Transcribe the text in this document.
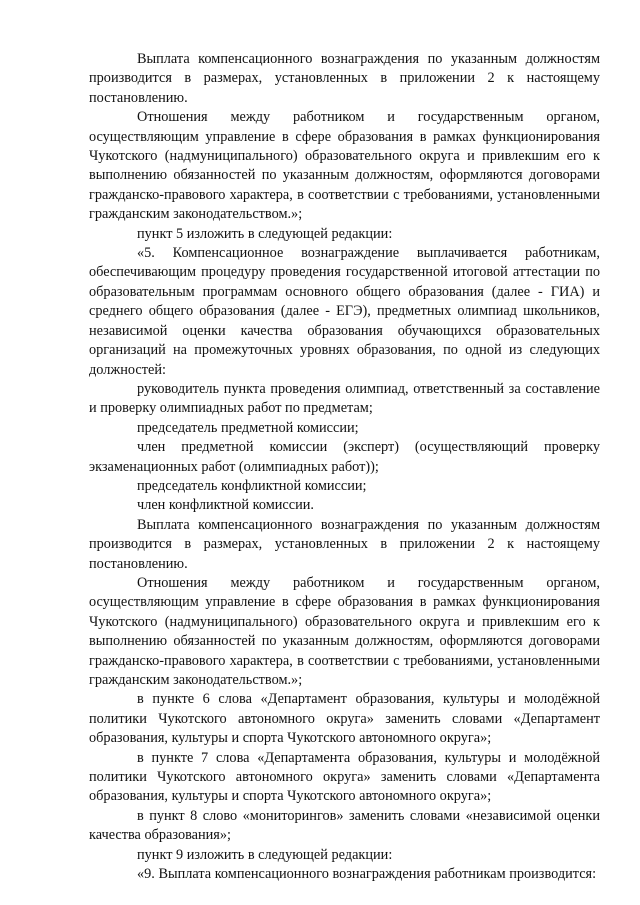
Выплата компенсационного вознаграждения по указанным должностям производится в размерах, установленных в приложении 2 к настоящему постановлению.

Отношения между работником и государственным органом, осуществляющим управление в сфере образования в рамках функционирования Чукотского (надмуниципального) образовательного округа и привлекшим его к выполнению обязанностей по указанным должностям, оформляются договорами гражданско-правового характера, в соответствии с требованиями, установленными гражданским законодательством.»;

пункт 5 изложить в следующей редакции:

«5. Компенсационное вознаграждение выплачивается работникам, обеспечивающим процедуру проведения государственной итоговой аттестации по образовательным программам основного общего образования (далее - ГИА) и среднего общего образования (далее - ЕГЭ), предметных олимпиад школьников, независимой оценки качества образования обучающихся образовательных организаций на промежуточных уровнях образования, по одной из следующих должностей:

руководитель пункта проведения олимпиад, ответственный за составление и проверку олимпиадных работ по предметам;

председатель предметной комиссии;

член предметной комиссии (эксперт) (осуществляющий проверку экзаменационных работ (олимпиадных работ));

председатель конфликтной комиссии;

член конфликтной комиссии.

Выплата компенсационного вознаграждения по указанным должностям производится в размерах, установленных в приложении 2 к настоящему постановлению.

Отношения между работником и государственным органом, осуществляющим управление в сфере образования в рамках функционирования Чукотского (надмуниципального) образовательного округа и привлекшим его к выполнению обязанностей по указанным должностям, оформляются договорами гражданско-правового характера, в соответствии с требованиями, установленными гражданским законодательством.»;

в пункте 6 слова «Департамент образования, культуры и молодёжной политики Чукотского автономного округа» заменить словами «Департамент образования, культуры и спорта Чукотского автономного округа»;

в пункте 7 слова «Департамента образования, культуры и молодёжной политики Чукотского автономного округа» заменить словами «Департамента образования, культуры и спорта Чукотского автономного округа»;

в пункт 8 слово «мониторингов» заменить словами «независимой оценки качества образования»;

пункт 9 изложить в следующей редакции:

«9. Выплата компенсационного вознаграждения работникам производится:
